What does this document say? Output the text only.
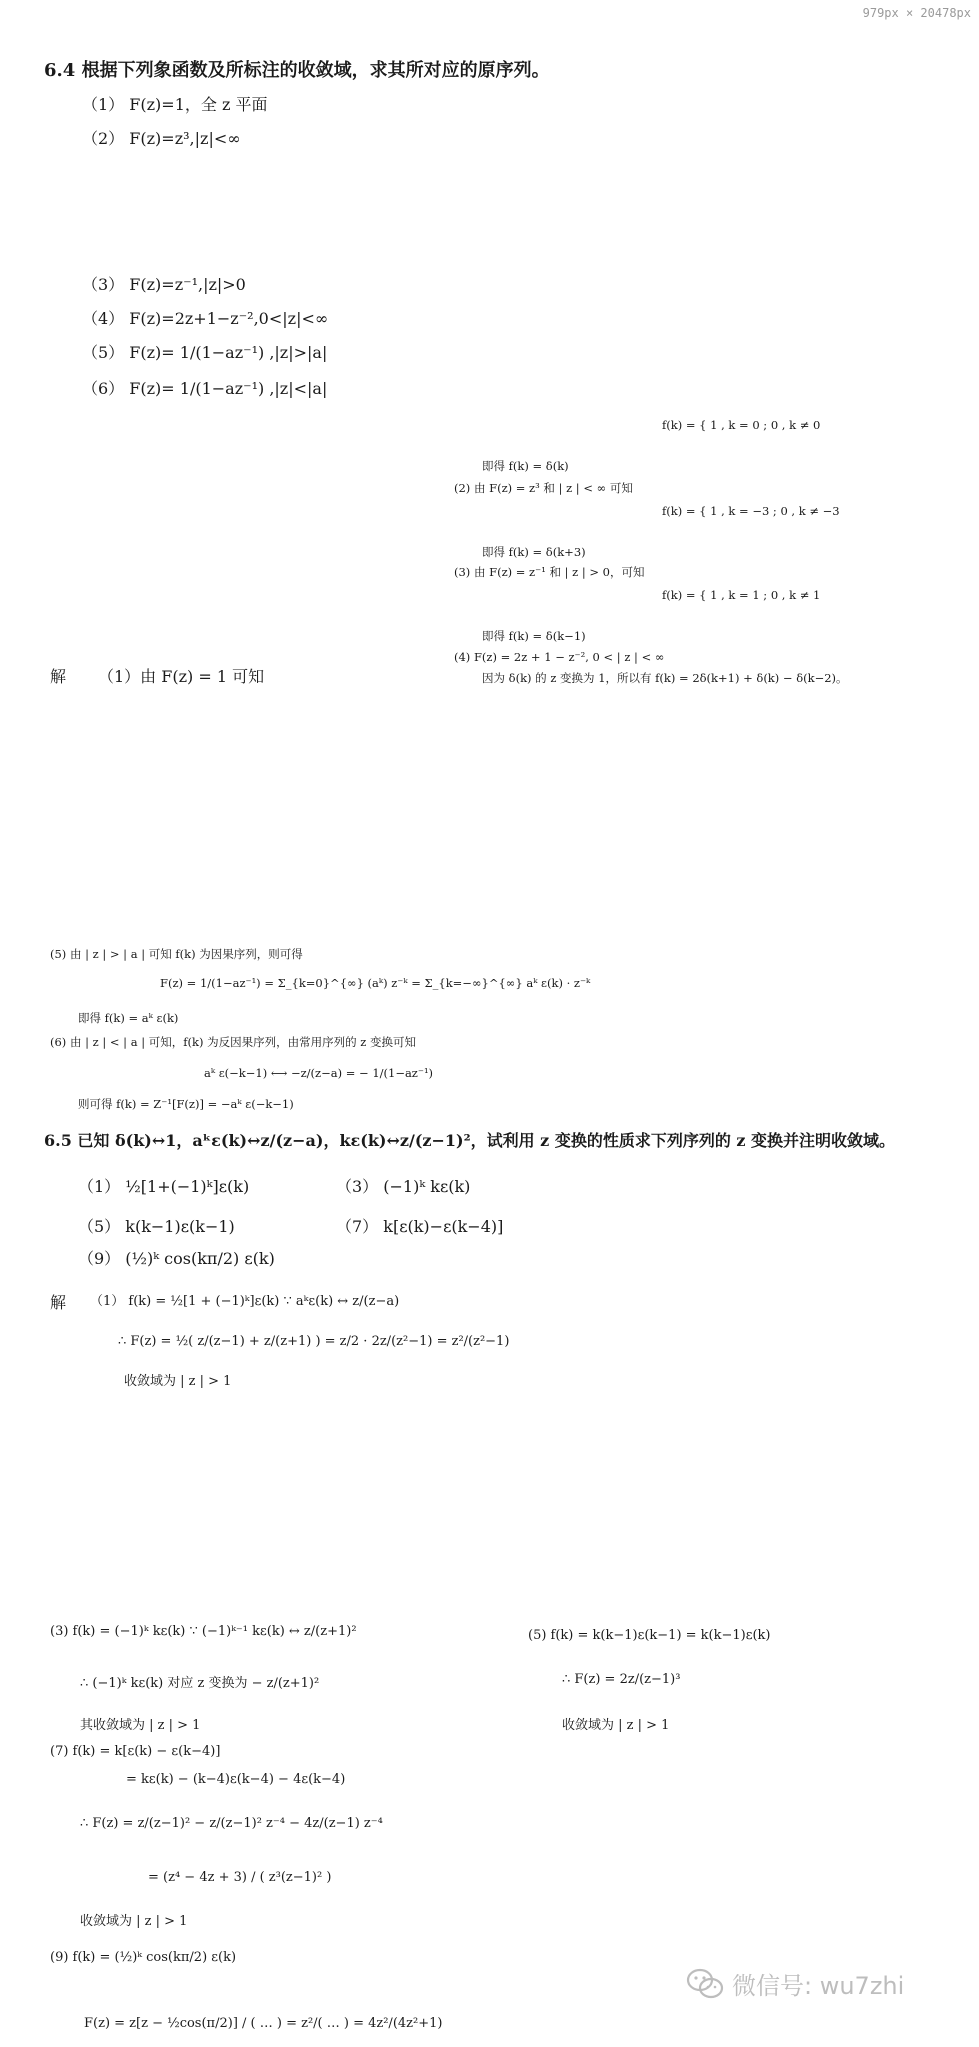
979px × 20478px
6.4 根据下列象函数及所标注的收敛域，求其所对应的原序列。
（1） F(z)=1，全 z 平面
（2） F(z)=z³,|z|<∞
（3） F(z)=z⁻¹,|z|>0
（4） F(z)=2z+1−z⁻²,0<|z|<∞
（5） F(z)= 1/(1−az⁻¹) ,|z|>|a|
（6） F(z)= 1/(1−az⁻¹) ,|z|<|a|
f(k) = { 1 , k = 0 ; 0 , k ≠ 0
即得 f(k) = δ(k)
(2) 由 F(z) = z³ 和 | z | < ∞ 可知
f(k) = { 1 , k = −3 ; 0 , k ≠ −3
即得 f(k) = δ(k+3)
(3) 由 F(z) = z⁻¹ 和 | z | > 0，可知
f(k) = { 1 , k = 1 ; 0 , k ≠ 1
即得 f(k) = δ(k−1)
(4) F(z) = 2z + 1 − z⁻², 0 < | z | < ∞
因为 δ(k) 的 z 变换为 1，所以有 f(k) = 2δ(k+1) + δ(k) − δ(k−2)。
解 （1）由 F(z) = 1 可知
(5) 由 | z | > | a | 可知 f(k) 为因果序列，则可得
F(z) = 1/(1−az⁻¹) = Σ_{k=0}^{∞} (aᵏ) z⁻ᵏ = Σ_{k=−∞}^{∞} aᵏ ε(k) · z⁻ᵏ
即得 f(k) = aᵏ ε(k)
(6) 由 | z | < | a | 可知，f(k) 为反因果序列，由常用序列的 z 变换可知
aᵏ ε(−k−1) ⟷ −z/(z−a) = − 1/(1−az⁻¹)
则可得 f(k) = Z⁻¹[F(z)] = −aᵏ ε(−k−1)
6.5 已知 δ(k)↔1，aᵏε(k)↔z/(z−a)，kε(k)↔z/(z−1)²，试利用 z 变换的性质求下列序列的 z 变换并注明收敛域。
（1） ½[1+(−1)ᵏ]ε(k)	（3） (−1)ᵏ kε(k)
（5） k(k−1)ε(k−1)	（7） k[ε(k)−ε(k−4)]
（9） (½)ᵏ cos(kπ/2) ε(k)
解 （1） f(k) = ½[1 + (−1)ᵏ]ε(k) ∵ aᵏε(k) ↔ z/(z−a)
∴ F(z) = ½( z/(z−1) + z/(z+1) ) = z/2 · 2z/(z²−1) = z²/(z²−1)
收敛域为 | z | > 1
(3) f(k) = (−1)ᵏ kε(k) ∵ (−1)ᵏ⁻¹ kε(k) ↔ z/(z+1)²
∴ (−1)ᵏ kε(k) 对应 z 变换为 − z/(z+1)²
其收敛域为 | z | > 1
(5) f(k) = k(k−1)ε(k−1) = k(k−1)ε(k)
∴ F(z) = 2z/(z−1)³
收敛域为 | z | > 1
(7) f(k) = k[ε(k) − ε(k−4)]
= kε(k) − (k−4)ε(k−4) − 4ε(k−4)
∴ F(z) = z/(z−1)² − z/(z−1)² z⁻⁴ − 4z/(z−1) z⁻⁴
= (z⁴ − 4z + 3) / ( z³(z−1)² )
收敛域为 | z | > 1
(9) f(k) = (½)ᵏ cos(kπ/2) ε(k)
F(z) = z[z − ½cos(π/2)] / ( … ) = z²/( … ) = 4z²/(4z²+1)
微信号: wu7zhi
